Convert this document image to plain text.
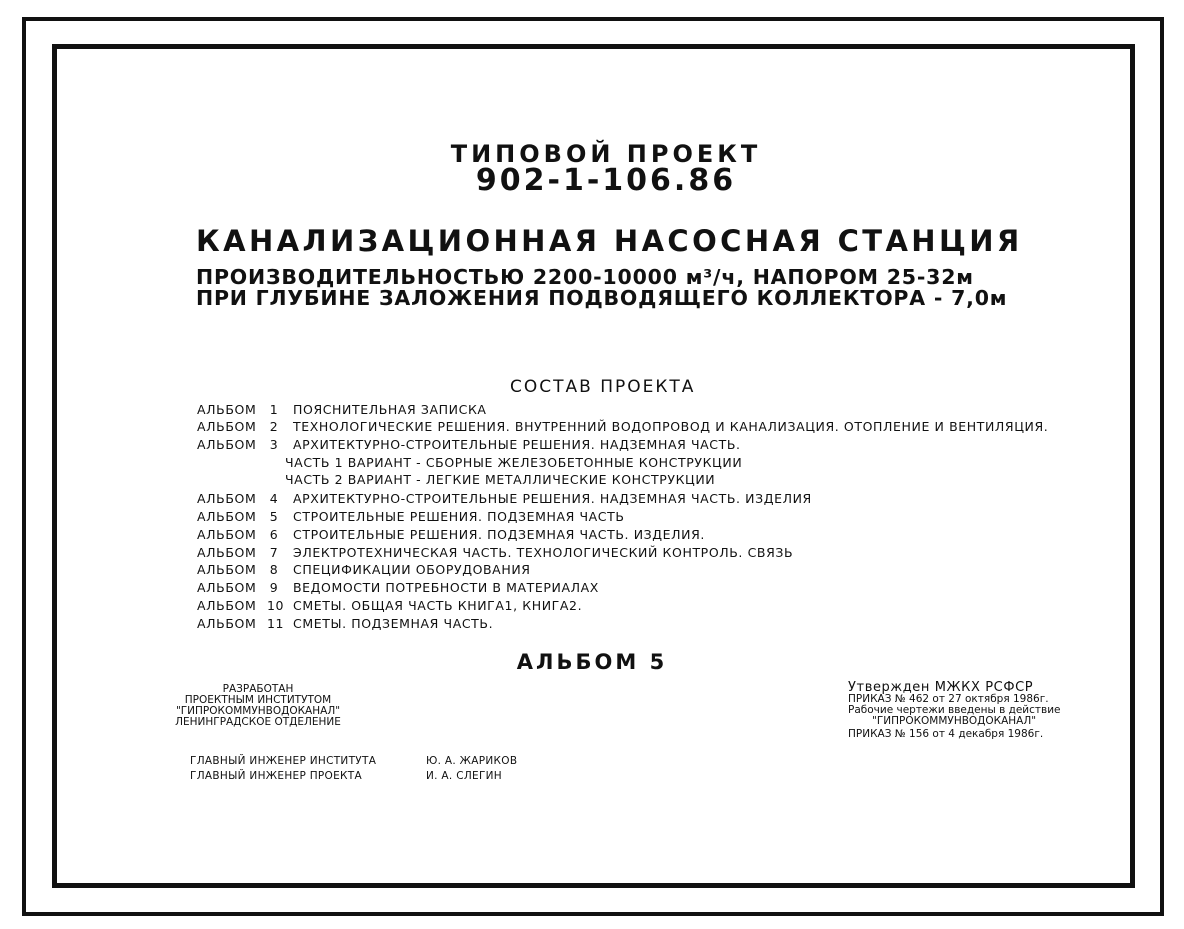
ТИПОВОЙ ПРОЕКТ
902-1-106.86
КАНАЛИЗАЦИОННАЯ НАСОСНАЯ СТАНЦИЯ
ПРОИЗВОДИТЕЛЬНОСТЬЮ 2200-10000 м³/ч, НАПОРОМ 25-32м
ПРИ ГЛУБИНЕ ЗАЛОЖЕНИЯ ПОДВОДЯЩЕГО КОЛЛЕКТОРА - 7,0м
СОСТАВ ПРОЕКТА
АЛЬБОМ 1 ПОЯСНИТЕЛЬНАЯ ЗАПИСКА
АЛЬБОМ 2 ТЕХНОЛОГИЧЕСКИЕ РЕШЕНИЯ. ВНУТРЕННИЙ ВОДОПРОВОД И КАНАЛИЗАЦИЯ. ОТОПЛЕНИЕ И ВЕНТИЛЯЦИЯ.
АЛЬБОМ 3 АРХИТЕКТУРНО-СТРОИТЕЛЬНЫЕ РЕШЕНИЯ. НАДЗЕМНАЯ ЧАСТЬ.
ЧАСТЬ 1 ВАРИАНТ - СБОРНЫЕ ЖЕЛЕЗОБЕТОННЫЕ КОНСТРУКЦИИ
ЧАСТЬ 2 ВАРИАНТ - ЛЕГКИЕ МЕТАЛЛИЧЕСКИЕ КОНСТРУКЦИИ
АЛЬБОМ 4 АРХИТЕКТУРНО-СТРОИТЕЛЬНЫЕ РЕШЕНИЯ. НАДЗЕМНАЯ ЧАСТЬ. ИЗДЕЛИЯ
АЛЬБОМ 5 СТРОИТЕЛЬНЫЕ РЕШЕНИЯ. ПОДЗЕМНАЯ ЧАСТЬ
АЛЬБОМ 6 СТРОИТЕЛЬНЫЕ РЕШЕНИЯ. ПОДЗЕМНАЯ ЧАСТЬ. ИЗДЕЛИЯ.
АЛЬБОМ 7 ЭЛЕКТРОТЕХНИЧЕСКАЯ ЧАСТЬ. ТЕХНОЛОГИЧЕСКИЙ КОНТРОЛЬ. СВЯЗЬ
АЛЬБОМ 8 СПЕЦИФИКАЦИИ ОБОРУДОВАНИЯ
АЛЬБОМ 9 ВЕДОМОСТИ ПОТРЕБНОСТИ В МАТЕРИАЛАХ
АЛЬБОМ 10 СМЕТЫ. ОБЩАЯ ЧАСТЬ КНИГА1, КНИГА2.
АЛЬБОМ 11 СМЕТЫ. ПОДЗЕМНАЯ ЧАСТЬ.
АЛЬБОМ 5
РАЗРАБОТАН
ПРОЕКТНЫМ ИНСТИТУТОМ
"ГИПРОКОММУНВОДОКАНАЛ"
ЛЕНИНГРАДСКОЕ ОТДЕЛЕНИЕ
Утвержден МЖКХ РСФСР
ПРИКАЗ № 462 от 27 октября 1986г.
Рабочие чертежи введены в действие
"ГИПРОКОММУНВОДОКАНАЛ"
ПРИКАЗ № 156 от 4 декабря 1986г.
ГЛАВНЫЙ ИНЖЕНЕР ИНСТИТУТА	Ю. А. ЖАРИКОВ
ГЛАВНЫЙ ИНЖЕНЕР ПРОЕКТА	И. А. СЛЕГИН
